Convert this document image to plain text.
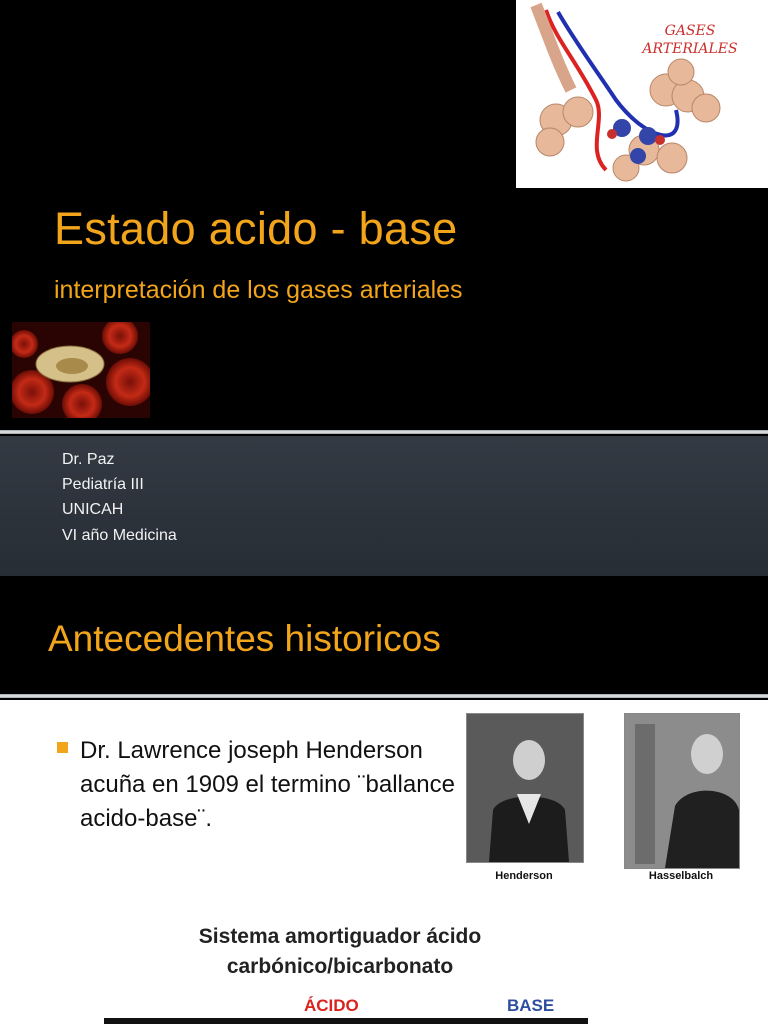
GASES
ARTERIALES
Estado acido - base
interpretación de los gases arteriales
Dr. Paz
Pediatría III
UNICAH
VI año Medicina
Antecedentes historicos
Dr. Lawrence joseph Henderson acuña en 1909 el termino ¨ballance acido-base¨.
Henderson	Hasselbalch
Sistema amortiguador ácido
carbónico/bicarbonato
ÁCIDO	BASE
